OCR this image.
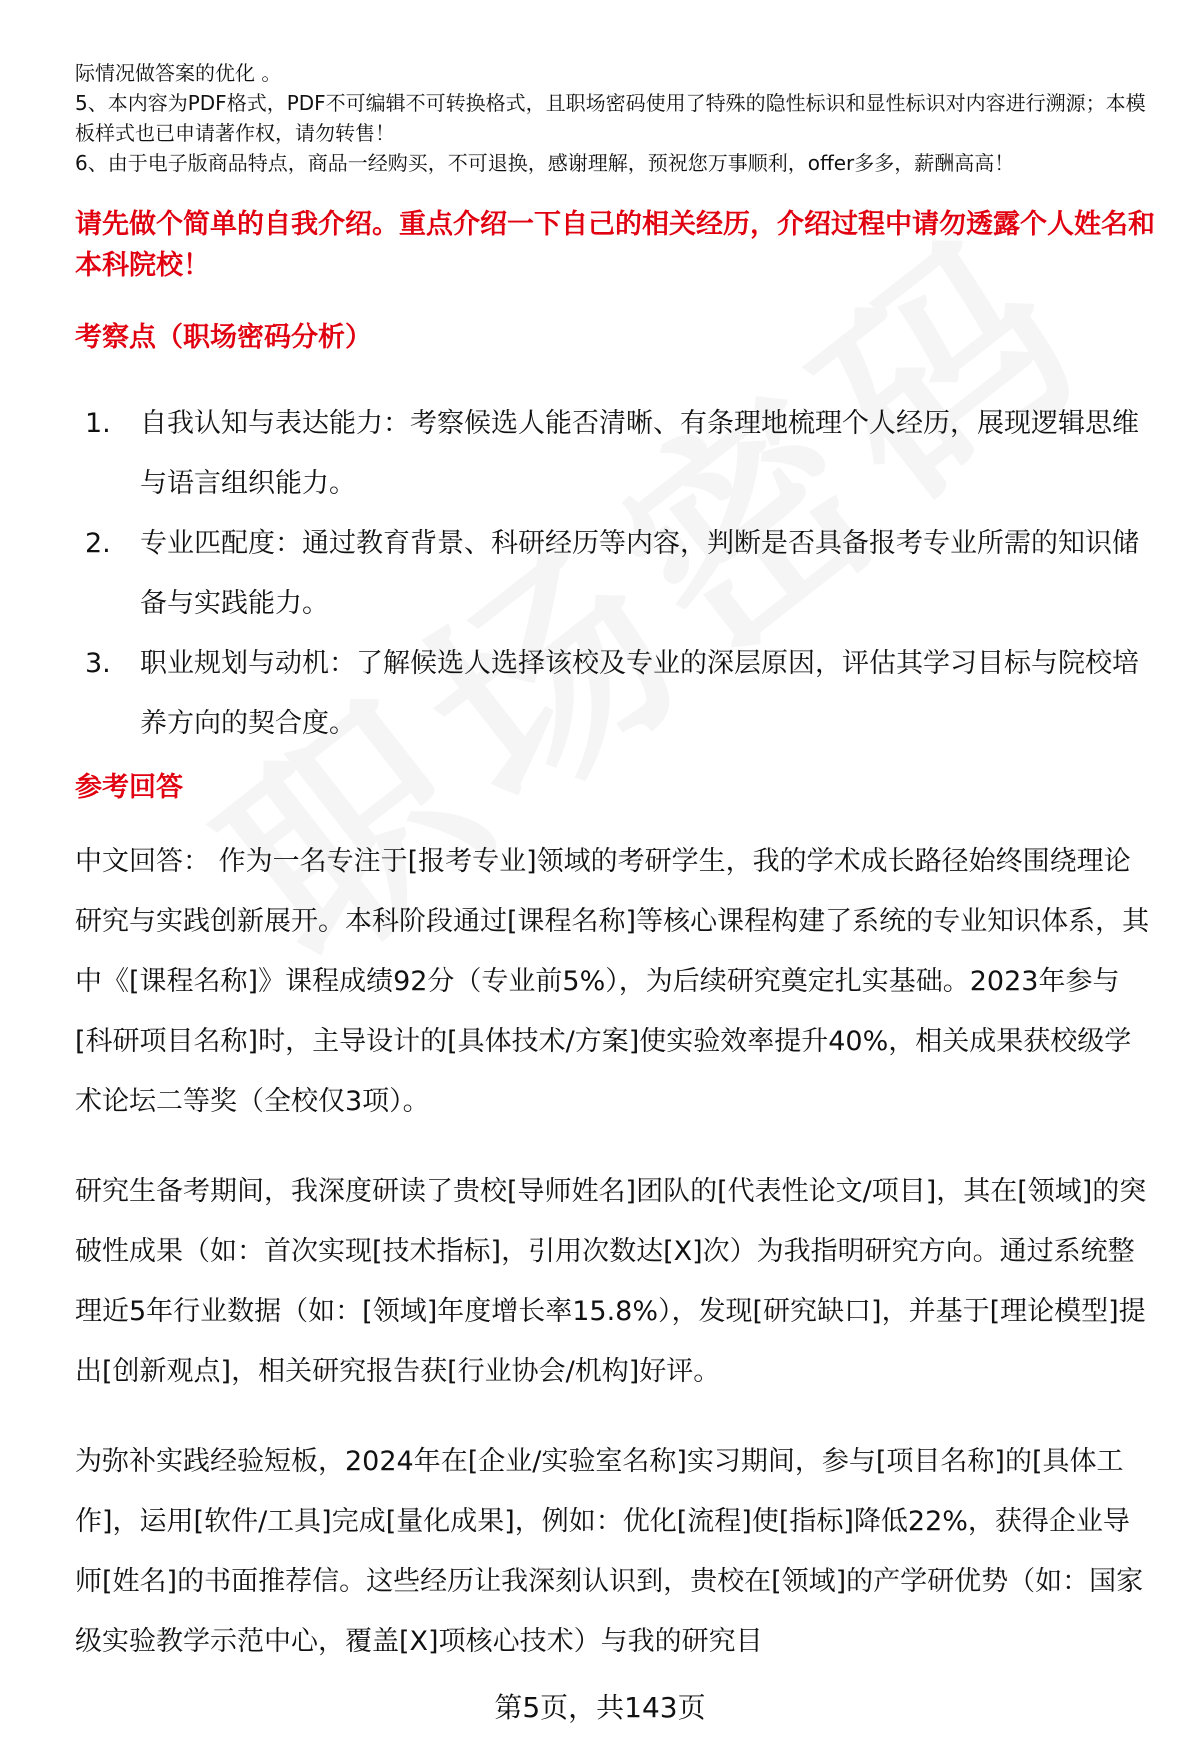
际情况做答案的优化 。

5、本内容为PDF格式，PDF不可编辑不可转换格式，且职场密码使用了特殊的隐性标识和显性标识对内容进行溯源；本模板样式也已申请著作权，请勿转售！

6、由于电子版商品特点，商品一经购买，不可退换，感谢理解，预祝您万事顺利，offer多多，薪酬高高！

请先做个简单的自我介绍。重点介绍一下自己的相关经历，介绍过程中请勿透露个人姓名和本科院校！
考察点（职场密码分析）
1.	自我认知与表达能力：考察候选人能否清晰、有条理地梳理个人经历，展现逻辑思维与语言组织能力。
2.	专业匹配度：通过教育背景、科研经历等内容，判断是否具备报考专业所需的知识储备与实践能力。
3.	职业规划与动机：了解候选人选择该校及专业的深层原因，评估其学习目标与院校培养方向的契合度。
参考回答

中文回答： 作为一名专注于[报考专业]领域的考研学生，我的学术成长路径始终围绕理论研究与实践创新展开。本科阶段通过[课程名称]等核心课程构建了系统的专业知识体系，其中《[课程名称]》课程成绩92分（专业前5%），为后续研究奠定扎实基础。2023年参与[科研项目名称]时，主导设计的[具体技术/方案]使实验效率提升40%，相关成果获校级学术论坛二等奖（全校仅3项）。

研究生备考期间，我深度研读了贵校[导师姓名]团队的[代表性论文/项目]，其在[领域]的突破性成果（如：首次实现[技术指标]，引用次数达[X]次）为我指明研究方向。通过系统整理近5年行业数据（如：[领域]年度增长率15.8%），发现[研究缺口]，并基于[理论模型]提出[创新观点]，相关研究报告获[行业协会/机构]好评。

为弥补实践经验短板，2024年在[企业/实验室名称]实习期间，参与[项目名称]的[具体工作]，运用[软件/工具]完成[量化成果]，例如：优化[流程]使[指标]降低22%，获得企业导师[姓名]的书面推荐信。这些经历让我深刻认识到，贵校在[领域]的产学研优势（如：国家级实验教学示范中心，覆盖[X]项核心技术）与我的研究目

第5页，共143页
